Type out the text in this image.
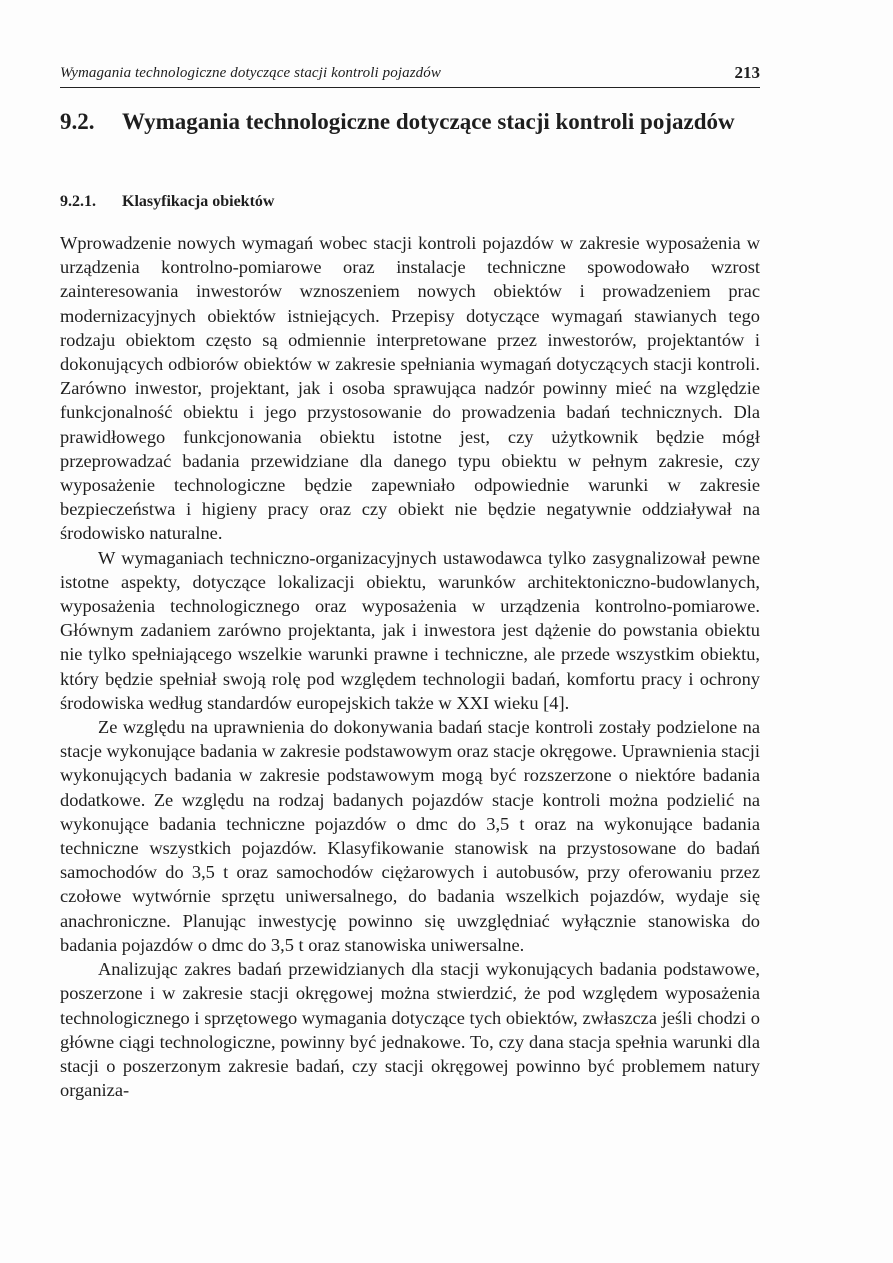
Wymagania technologiczne dotyczące stacji kontroli pojazdów	213
9.2. Wymagania technologiczne dotyczące stacji kontroli pojazdów
9.2.1. Klasyfikacja obiektów

Wprowadzenie nowych wymagań wobec stacji kontroli pojazdów w zakresie wyposażenia w urządzenia kontrolno-pomiarowe oraz instalacje techniczne spowodowało wzrost zainteresowania inwestorów wznoszeniem nowych obiektów i prowadzeniem prac modernizacyjnych obiektów istniejących. Przepisy dotyczące wymagań stawianych tego rodzaju obiektom często są odmiennie interpretowane przez inwestorów, projektantów i dokonujących odbiorów obiektów w zakresie spełniania wymagań dotyczących stacji kontroli. Zarówno inwestor, projektant, jak i osoba sprawująca nadzór powinny mieć na względzie funkcjonalność obiektu i jego przystosowanie do prowadzenia badań technicznych. Dla prawidłowego funkcjonowania obiektu istotne jest, czy użytkownik będzie mógł przeprowadzać badania przewidziane dla danego typu obiektu w pełnym zakresie, czy wyposażenie technologiczne będzie zapewniało odpowiednie warunki w zakresie bezpieczeństwa i higieny pracy oraz czy obiekt nie będzie negatywnie oddziaływał na środowisko naturalne.

W wymaganiach techniczno-organizacyjnych ustawodawca tylko zasygnalizował pewne istotne aspekty, dotyczące lokalizacji obiektu, warunków architektoniczno-budowlanych, wyposażenia technologicznego oraz wyposażenia w urządzenia kontrolno-pomiarowe. Głównym zadaniem zarówno projektanta, jak i inwestora jest dążenie do powstania obiektu nie tylko spełniającego wszelkie warunki prawne i techniczne, ale przede wszystkim obiektu, który będzie spełniał swoją rolę pod względem technologii badań, komfortu pracy i ochrony środowiska według standardów europejskich także w XXI wieku [4].

Ze względu na uprawnienia do dokonywania badań stacje kontroli zostały podzielone na stacje wykonujące badania w zakresie podstawowym oraz stacje okręgowe. Uprawnienia stacji wykonujących badania w zakresie podstawowym mogą być rozszerzone o niektóre badania dodatkowe. Ze względu na rodzaj badanych pojazdów stacje kontroli można podzielić na wykonujące badania techniczne pojazdów o dmc do 3,5 t oraz na wykonujące badania techniczne wszystkich pojazdów. Klasyfikowanie stanowisk na przystosowane do badań samochodów do 3,5 t oraz samochodów ciężarowych i autobusów, przy oferowaniu przez czołowe wytwórnie sprzętu uniwersalnego, do badania wszelkich pojazdów, wydaje się anachroniczne. Planując inwestycję powinno się uwzględniać wyłącznie stanowiska do badania pojazdów o dmc do 3,5 t oraz stanowiska uniwersalne.

Analizując zakres badań przewidzianych dla stacji wykonujących badania podstawowe, poszerzone i w zakresie stacji okręgowej można stwierdzić, że pod względem wyposażenia technologicznego i sprzętowego wymagania dotyczące tych obiektów, zwłaszcza jeśli chodzi o główne ciągi technologiczne, powinny być jednakowe. To, czy dana stacja spełnia warunki dla stacji o poszerzonym zakresie badań, czy stacji okręgowej powinno być problemem natury organiza-
